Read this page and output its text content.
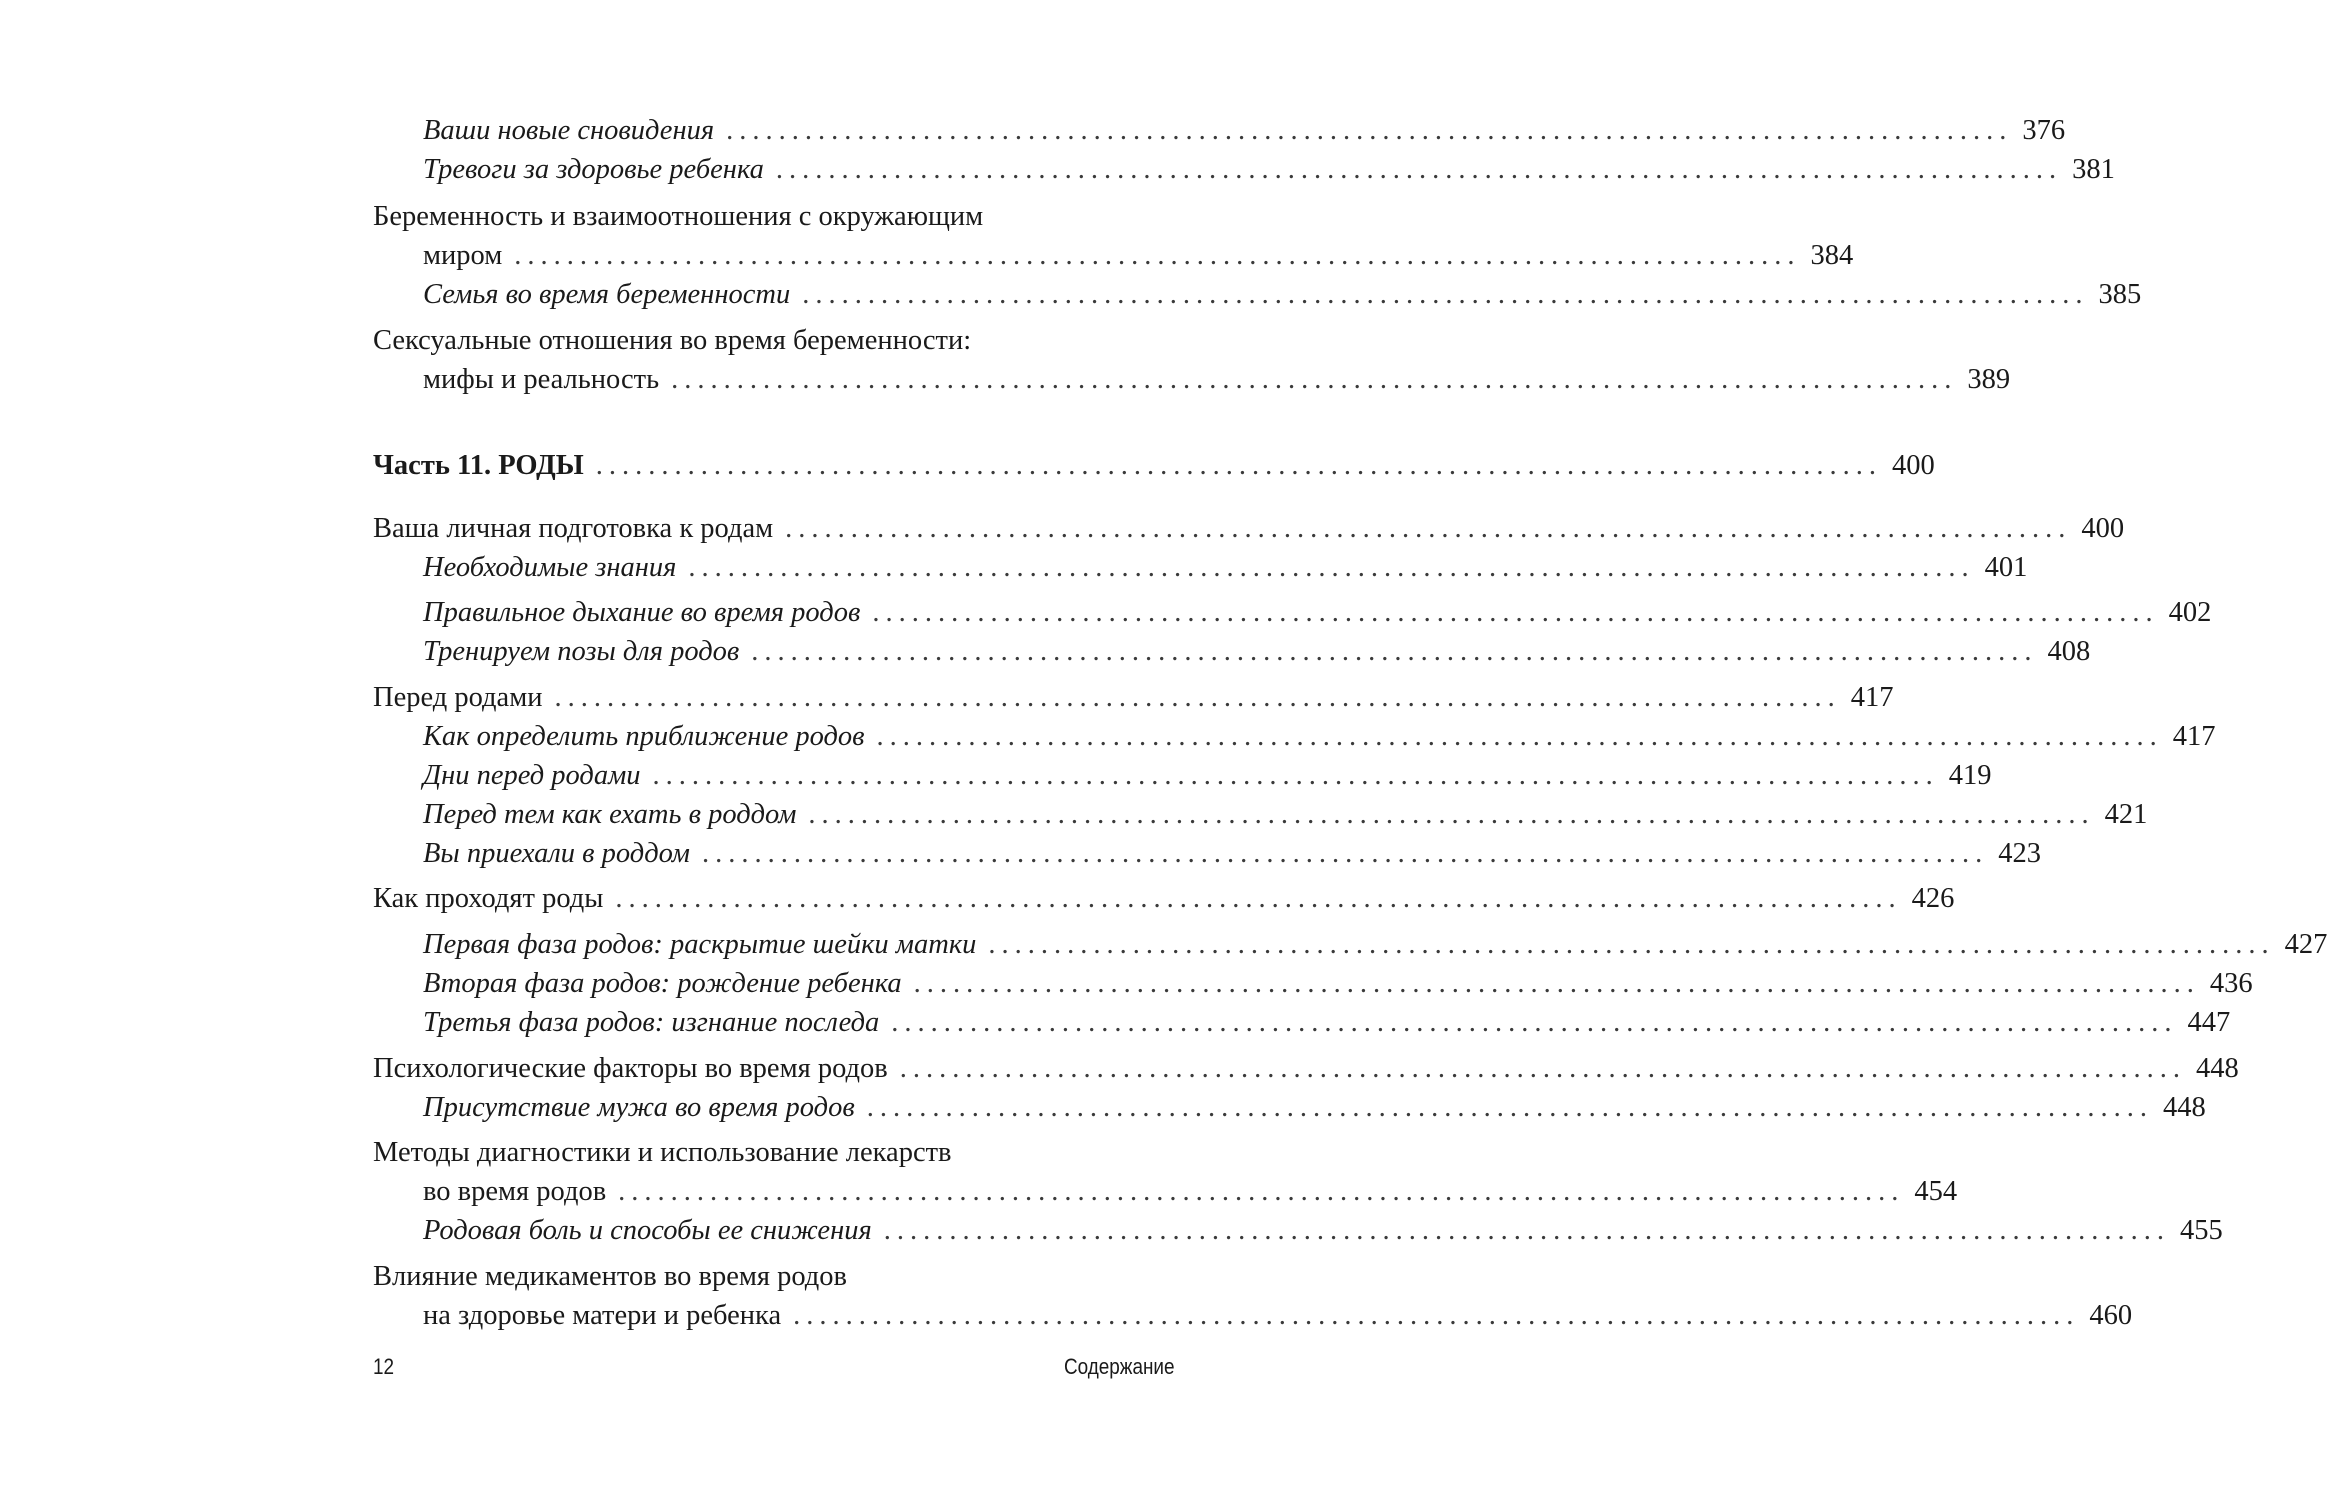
Ваши новые сновидения .................................................................................................. 376
Тревоги за здоровье ребенка .................................................................................................. 381
Беременность и взаимоотношения с окружающим
миром .................................................................................................. 384
Семья во время беременности .................................................................................................. 385
Сексуальные отношения во время беременности:
мифы и реальность .................................................................................................. 389
Часть 11. РОДЫ .................................................................................................. 400
Ваша личная подготовка к родам .................................................................................................. 400
Необходимые знания .................................................................................................. 401
Правильное дыхание во время родов .................................................................................................. 402
Тренируем позы для родов .................................................................................................. 408
Перед родами .................................................................................................. 417
Как определить приближение родов .................................................................................................. 417
Дни перед родами .................................................................................................. 419
Перед тем как ехать в роддом .................................................................................................. 421
Вы приехали в роддом .................................................................................................. 423
Как проходят роды .................................................................................................. 426
Первая фаза родов: раскрытие шейки матки .................................................................................................. 427
Вторая фаза родов: рождение ребенка .................................................................................................. 436
Третья фаза родов: изгнание последа .................................................................................................. 447
Психологические факторы во время родов .................................................................................................. 448
Присутствие мужа во время родов .................................................................................................. 448
Методы диагностики и использование лекарств
во время родов .................................................................................................. 454
Родовая боль и способы ее снижения .................................................................................................. 455
Влияние медикаментов во время родов
на здоровье матери и ребенка .................................................................................................. 460
12	Содержание
